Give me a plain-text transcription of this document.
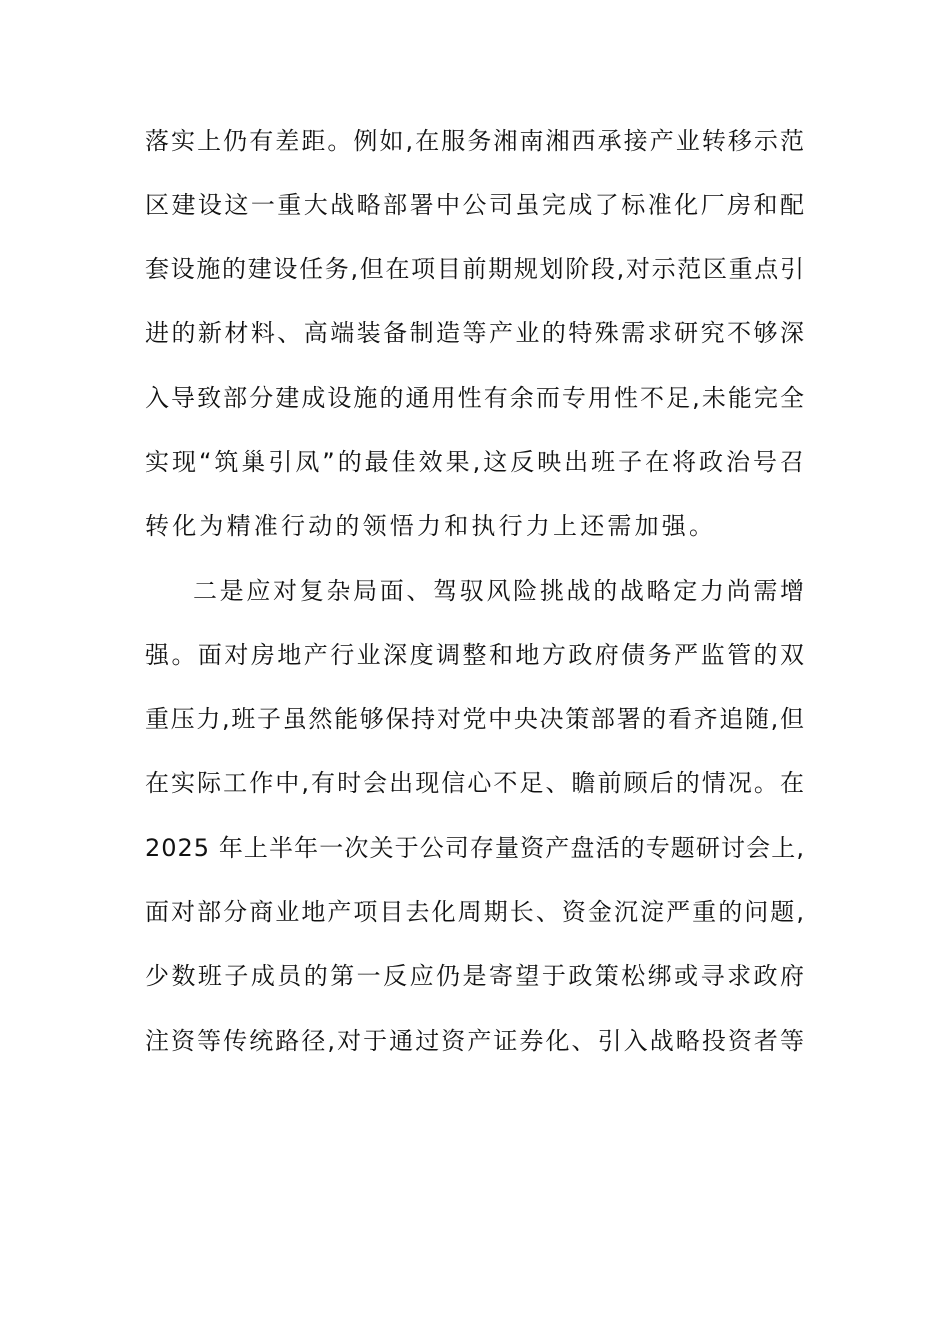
落实上仍有差距。例如,在服务湘南湘西承接产业转移示范
区建设这一重大战略部署中公司虽完成了标准化厂房和配
套设施的建设任务,但在项目前期规划阶段,对示范区重点引
进的新材料、高端装备制造等产业的特殊需求研究不够深
入导致部分建成设施的通用性有余而专用性不足,未能完全
实现“筑巢引凤”的最佳效果,这反映出班子在将政治号召
转化为精准行动的领悟力和执行力上还需加强。
二是应对复杂局面、驾驭风险挑战的战略定力尚需增
强。面对房地产行业深度调整和地方政府债务严监管的双
重压力,班子虽然能够保持对党中央决策部署的看齐追随,但
在实际工作中,有时会出现信心不足、瞻前顾后的情况。在
2025 年上半年一次关于公司存量资产盘活的专题研讨会上,
面对部分商业地产项目去化周期长、资金沉淀严重的问题,
少数班子成员的第一反应仍是寄望于政策松绑或寻求政府
注资等传统路径,对于通过资产证券化、引入战略投资者等
